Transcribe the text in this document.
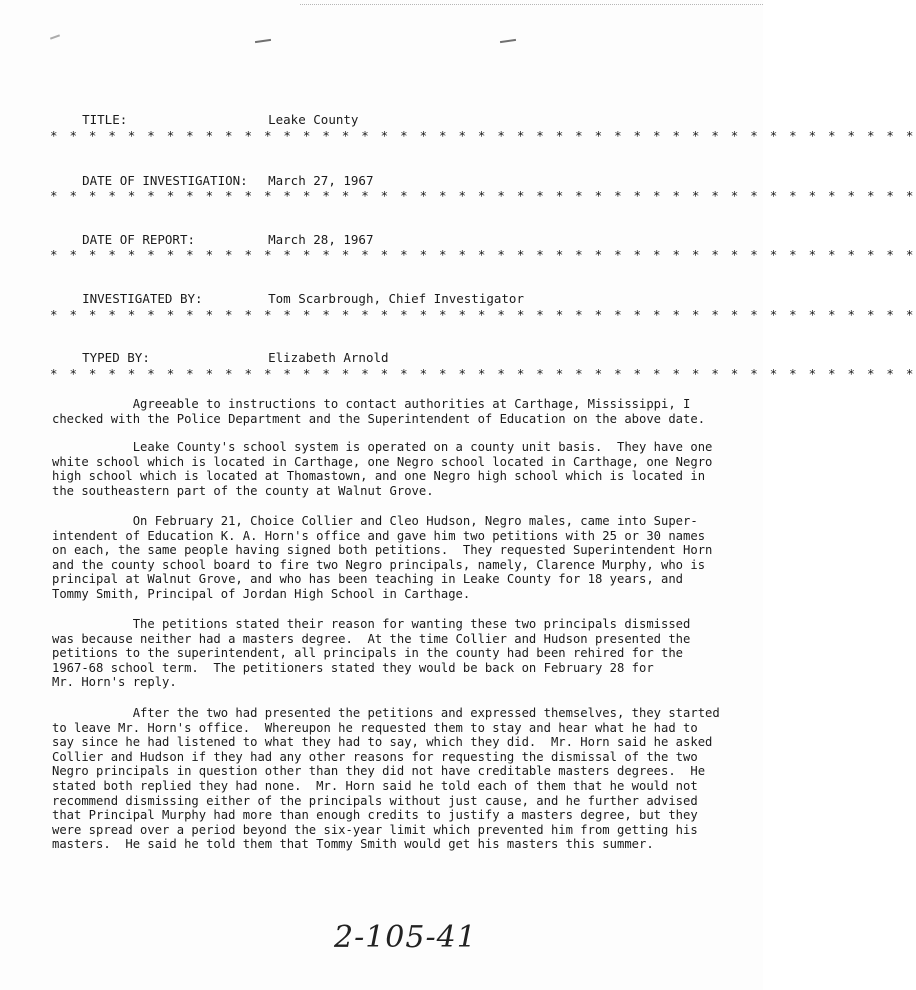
TITLE:	Leake County

* * * * * * * * * * * * * * * * * * * * * * * * * * * * * * * * * * * * * * * * * * * * *

DATE OF INVESTIGATION: March 27, 1967

* * * * * * * * * * * * * * * * * * * * * * * * * * * * * * * * * * * * * * * * * * * * *

DATE OF REPORT:	March 28, 1967

* * * * * * * * * * * * * * * * * * * * * * * * * * * * * * * * * * * * * * * * * * * * *

INVESTIGATED BY:	Tom Scarbrough, Chief Investigator

* * * * * * * * * * * * * * * * * * * * * * * * * * * * * * * * * * * * * * * * * * * * *

TYPED BY:	Elizabeth Arnold

* * * * * * * * * * * * * * * * * * * * * * * * * * * * * * * * * * * * * * * * * * * * *
Agreeable to instructions to contact authorities at Carthage, Mississippi, I
checked with the Police Department and the Superintendent of Education on the above date.
Leake County's school system is operated on a county unit basis.  They have one
white school which is located in Carthage, one Negro school located in Carthage, one Negro
high school which is located at Thomastown, and one Negro high school which is located in
the southeastern part of the county at Walnut Grove.
On February 21, Choice Collier and Cleo Hudson, Negro males, came into Super-
intendent of Education K. A. Horn's office and gave him two petitions with 25 or 30 names
on each, the same people having signed both petitions.  They requested Superintendent Horn
and the county school board to fire two Negro principals, namely, Clarence Murphy, who is
principal at Walnut Grove, and who has been teaching in Leake County for 18 years, and
Tommy Smith, Principal of Jordan High School in Carthage.
The petitions stated their reason for wanting these two principals dismissed
was because neither had a masters degree.  At the time Collier and Hudson presented the
petitions to the superintendent, all principals in the county had been rehired for the
1967-68 school term.  The petitioners stated they would be back on February 28 for
Mr. Horn's reply.
After the two had presented the petitions and expressed themselves, they started
to leave Mr. Horn's office.  Whereupon he requested them to stay and hear what he had to
say since he had listened to what they had to say, which they did.  Mr. Horn said he asked
Collier and Hudson if they had any other reasons for requesting the dismissal of the two
Negro principals in question other than they did not have creditable masters degrees.  He
stated both replied they had none.  Mr. Horn said he told each of them that he would not
recommend dismissing either of the principals without just cause, and he further advised
that Principal Murphy had more than enough credits to justify a masters degree, but they
were spread over a period beyond the six-year limit which prevented him from getting his
masters.  He said he told them that Tommy Smith would get his masters this summer.
2-105-41
